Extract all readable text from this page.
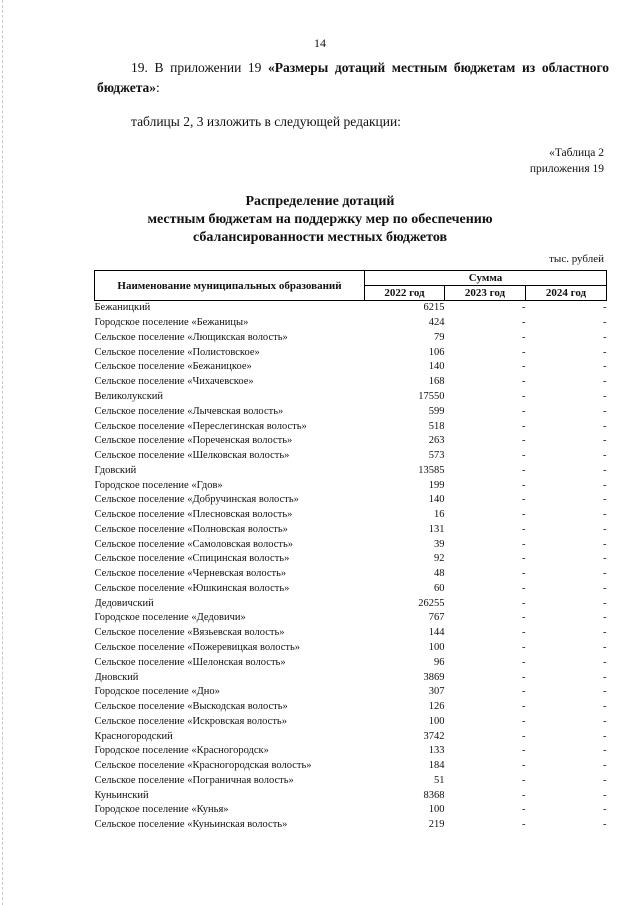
14
19. В приложении 19 «Размеры дотаций местным бюджетам из областного бюджета»:
таблицы 2, 3 изложить в следующей редакции:
«Таблица 2
приложения 19
Распределение дотаций
местным бюджетам на поддержку мер по обеспечению
сбалансированности местных бюджетов
тыс. рублей
Наименование муниципальных образований	Сумма		
	2022 год	2023 год	2024 год
Бежаницкий	6215	-	-
Городское поселение «Бежаницы»	424	-	-
Сельское поселение «Лющикская волость»	79	-	-
Сельское поселение «Полистовское»	106	-	-
Сельское поселение «Бежаницкое»	140	-	-
Сельское поселение «Чихачевское»	168	-	-
Великолукский	17550	-	-
Сельское поселение «Лычевская волость»	599	-	-
Сельское поселение «Переслегинская волость»	518	-	-
Сельское поселение «Пореченская волость»	263	-	-
Сельское поселение «Шелковская волость»	573	-	-
Гдовский	13585	-	-
Городское поселение «Гдов»	199	-	-
Сельское поселение «Добручинская волость»	140	-	-
Сельское поселение «Плесновская волость»	16	-	-
Сельское поселение «Полновская волость»	131	-	-
Сельское поселение «Самоловская волость»	39	-	-
Сельское поселение «Спицинская волость»	92	-	-
Сельское поселение «Черневская волость»	48	-	-
Сельское поселение «Юшкинская волость»	60	-	-
Дедовичский	26255	-	-
Городское поселение «Дедовичи»	767	-	-
Сельское поселение «Вязьевская волость»	144	-	-
Сельское поселение «Пожеревицкая волость»	100	-	-
Сельское поселение «Шелонская волость»	96	-	-
Дновский	3869	-	-
Городское поселение «Дно»	307	-	-
Сельское поселение «Выскодская волость»	126	-	-
Сельское поселение «Искровская волость»	100	-	-
Красногородский	3742	-	-
Городское поселение «Красногородск»	133	-	-
Сельское поселение «Красногородская волость»	184	-	-
Сельское поселение «Пограничная волость»	51	-	-
Куньинский	8368	-	-
Городское поселение «Кунья»	100	-	-
Сельское поселение «Куньинская волость»	219	-	-
